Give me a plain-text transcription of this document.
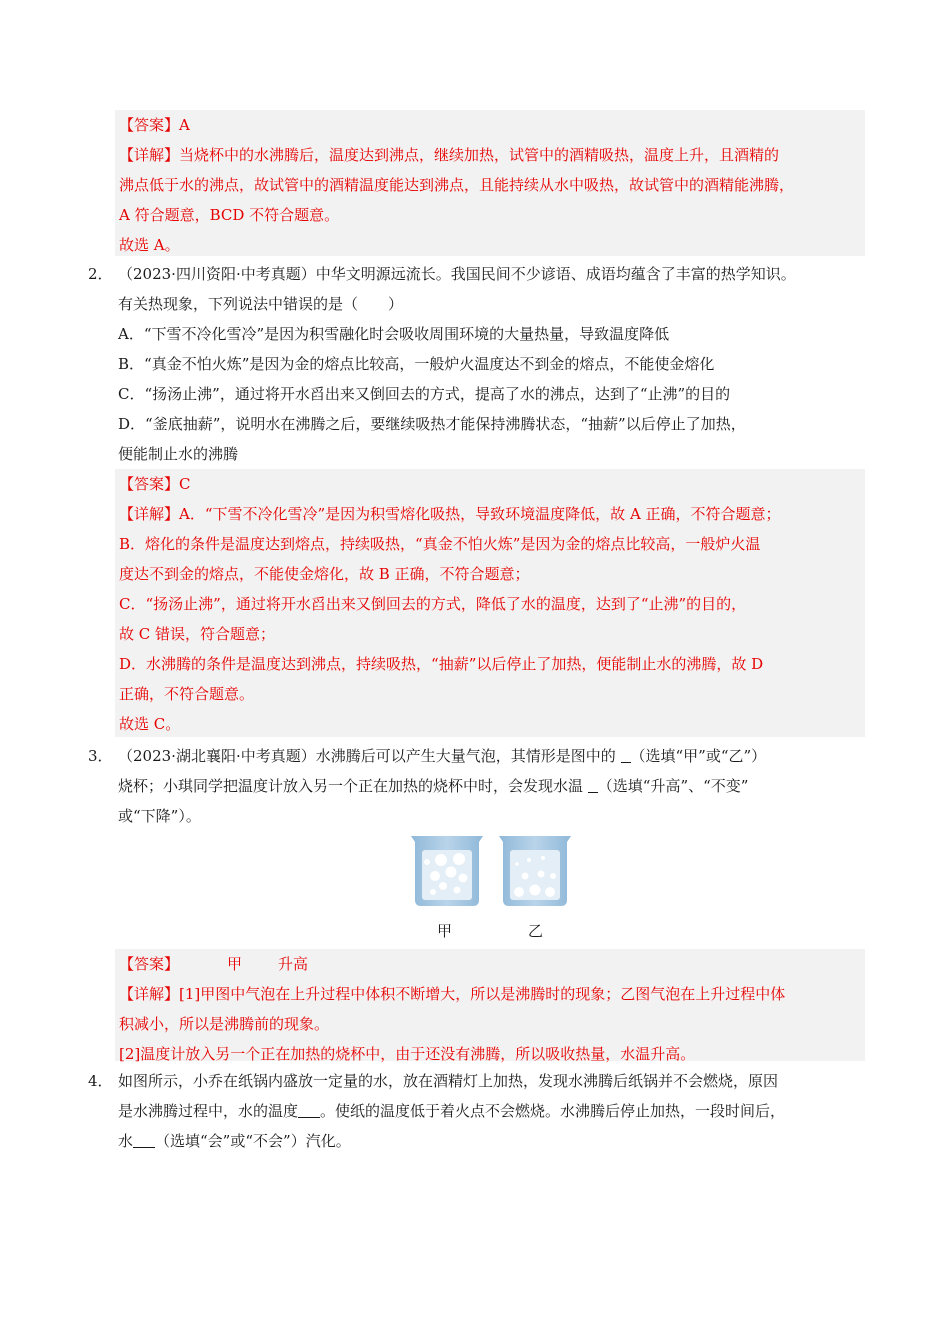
【答案】A
【详解】当烧杯中的水沸腾后，温度达到沸点，继续加热，试管中的酒精吸热，温度上升，且酒精的
沸点低于水的沸点，故试管中的酒精温度能达到沸点，且能持续从水中吸热，故试管中的酒精能沸腾，
A 符合题意，BCD 不符合题意。
故选 A。
2． （2023·四川资阳·中考真题）中华文明源远流长。我国民间不少谚语、成语均蕴含了丰富的热学知识。
有关热现象，下列说法中错误的是（　　）
A．“下雪不冷化雪冷”是因为积雪融化时会吸收周围环境的大量热量，导致温度降低
B．“真金不怕火炼”是因为金的熔点比较高，一般炉火温度达不到金的熔点，不能使金熔化
C．“扬汤止沸”，通过将开水舀出来又倒回去的方式，提高了水的沸点，达到了“止沸”的目的
D．“釜底抽薪”，说明水在沸腾之后，要继续吸热才能保持沸腾状态，“抽薪”以后停止了加热，
便能制止水的沸腾
【答案】C
【详解】A．“下雪不冷化雪冷”是因为积雪熔化吸热，导致环境温度降低，故 A 正确，不符合题意；
B．熔化的条件是温度达到熔点，持续吸热，“真金不怕火炼”是因为金的熔点比较高，一般炉火温
度达不到金的熔点，不能使金熔化，故 B 正确，不符合题意；
C．“扬汤止沸”，通过将开水舀出来又倒回去的方式，降低了水的温度，达到了“止沸”的目的，
故 C 错误，符合题意；
D．水沸腾的条件是温度达到沸点，持续吸热，“抽薪”以后停止了加热，便能制止水的沸腾，故 D
正确，不符合题意。
故选 C。
3． （2023·湖北襄阳·中考真题）水沸腾后可以产生大量气泡，其情形是图中的 （选填“甲”或“乙”）
烧杯；小琪同学把温度计放入另一个正在加热的烧杯中时，会发现水温 （选填“升高”、“不变”
或“下降”）。
甲	乙
【答案】	甲 升高
【详解】[1]甲图中气泡在上升过程中体积不断增大，所以是沸腾时的现象；乙图气泡在上升过程中体
积减小，所以是沸腾前的现象。
[2]温度计放入另一个正在加热的烧杯中，由于还没有沸腾，所以吸收热量，水温升高。
4． 如图所示，小乔在纸锅内盛放一定量的水，放在酒精灯上加热，发现水沸腾后纸锅并不会燃烧，原因
是水沸腾过程中，水的温度 。使纸的温度低于着火点不会燃烧。水沸腾后停止加热，一段时间后，
水 （选填“会”或“不会”）汽化。
